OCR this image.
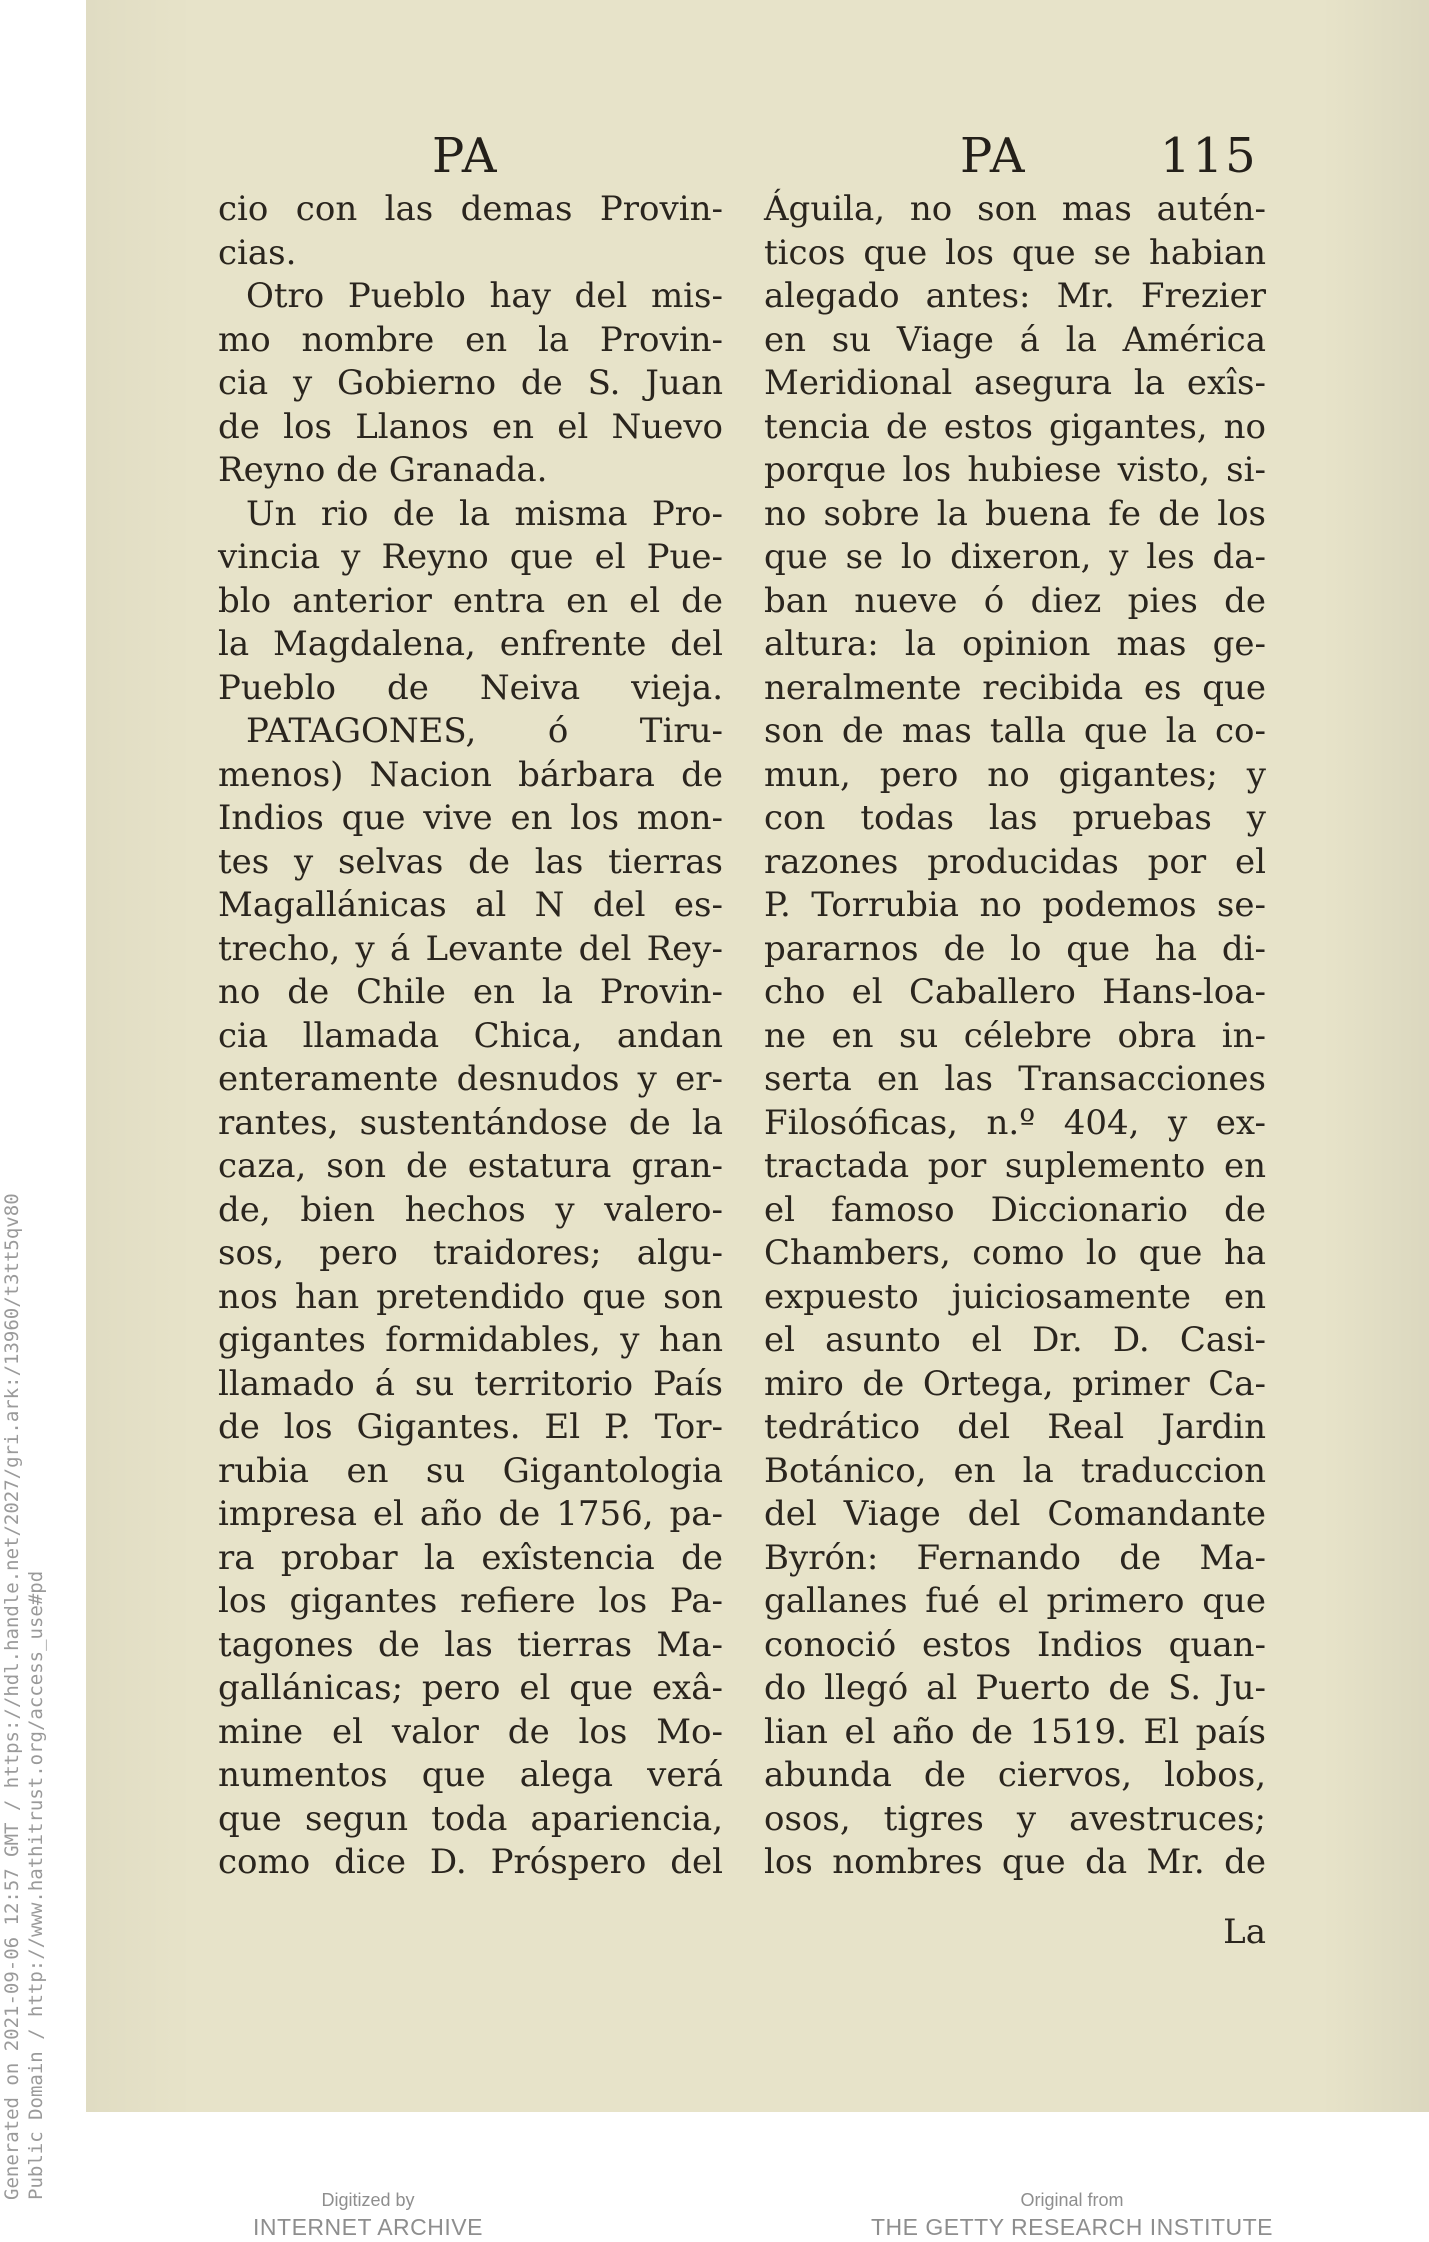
Generated on 2021-09-06 12:57 GMT / https://hdl.handle.net/2027/gri.ark:/13960/t3tt5qv80 Public Domain / http://www.hathitrust.org/access_use#pd
PA	PA	115
cio con las demas Provin-
cias.
Otro Pueblo hay del mis-
mo nombre en la Provin-
cia y Gobierno de S. Juan
de los Llanos en el Nuevo
Reyno de Granada.
Un rio de la misma Pro-
vincia y Reyno que el Pue-
blo anterior entra en el de
la Magdalena, enfrente del
Pueblo de Neiva vieja.
PATAGONES, ó Tiru-
menos) Nacion bárbara de
Indios que vive en los mon-
tes y selvas de las tierras
Magallánicas al N del es-
trecho, y á Levante del Rey-
no de Chile en la Provin-
cia llamada Chica, andan
enteramente desnudos y er-
rantes, sustentándose de la
caza, son de estatura gran-
de, bien hechos y valero-
sos, pero traidores; algu-
nos han pretendido que son
gigantes formidables, y han
llamado á su territorio País
de los Gigantes. El P. Tor-
rubia en su Gigantologia
impresa el año de 1756, pa-
ra probar la exîstencia de
los gigantes refiere los Pa-
tagones de las tierras Ma-
gallánicas; pero el que exâ-
mine el valor de los Mo-
numentos que alega verá
que segun toda apariencia,
como dice D. Próspero del
Águila, no son mas autén-
ticos que los que se habian
alegado antes: Mr. Frezier
en su Viage á la América
Meridional asegura la exîs-
tencia de estos gigantes, no
porque los hubiese visto, si-
no sobre la buena fe de los
que se lo dixeron, y les da-
ban nueve ó diez pies de
altura: la opinion mas ge-
neralmente recibida es que
son de mas talla que la co-
mun, pero no gigantes; y
con todas las pruebas y
razones producidas por el
P. Torrubia no podemos se-
pararnos de lo que ha di-
cho el Caballero Hans-loa-
ne en su célebre obra in-
serta en las Transacciones
Filosóficas, n.º 404, y ex-
tractada por suplemento en
el famoso Diccionario de
Chambers, como lo que ha
expuesto juiciosamente en
el asunto el Dr. D. Casi-
miro de Ortega, primer Ca-
tedrático del Real Jardin
Botánico, en la traduccion
del Viage del Comandante
Byrón: Fernando de Ma-
gallanes fué el primero que
conoció estos Indios quan-
do llegó al Puerto de S. Ju-
lian el año de 1519. El país
abunda de ciervos, lobos,
osos, tigres y avestruces;
los nombres que da Mr. de
La
Digitized by
INTERNET ARCHIVE
Original from
THE GETTY RESEARCH INSTITUTE
